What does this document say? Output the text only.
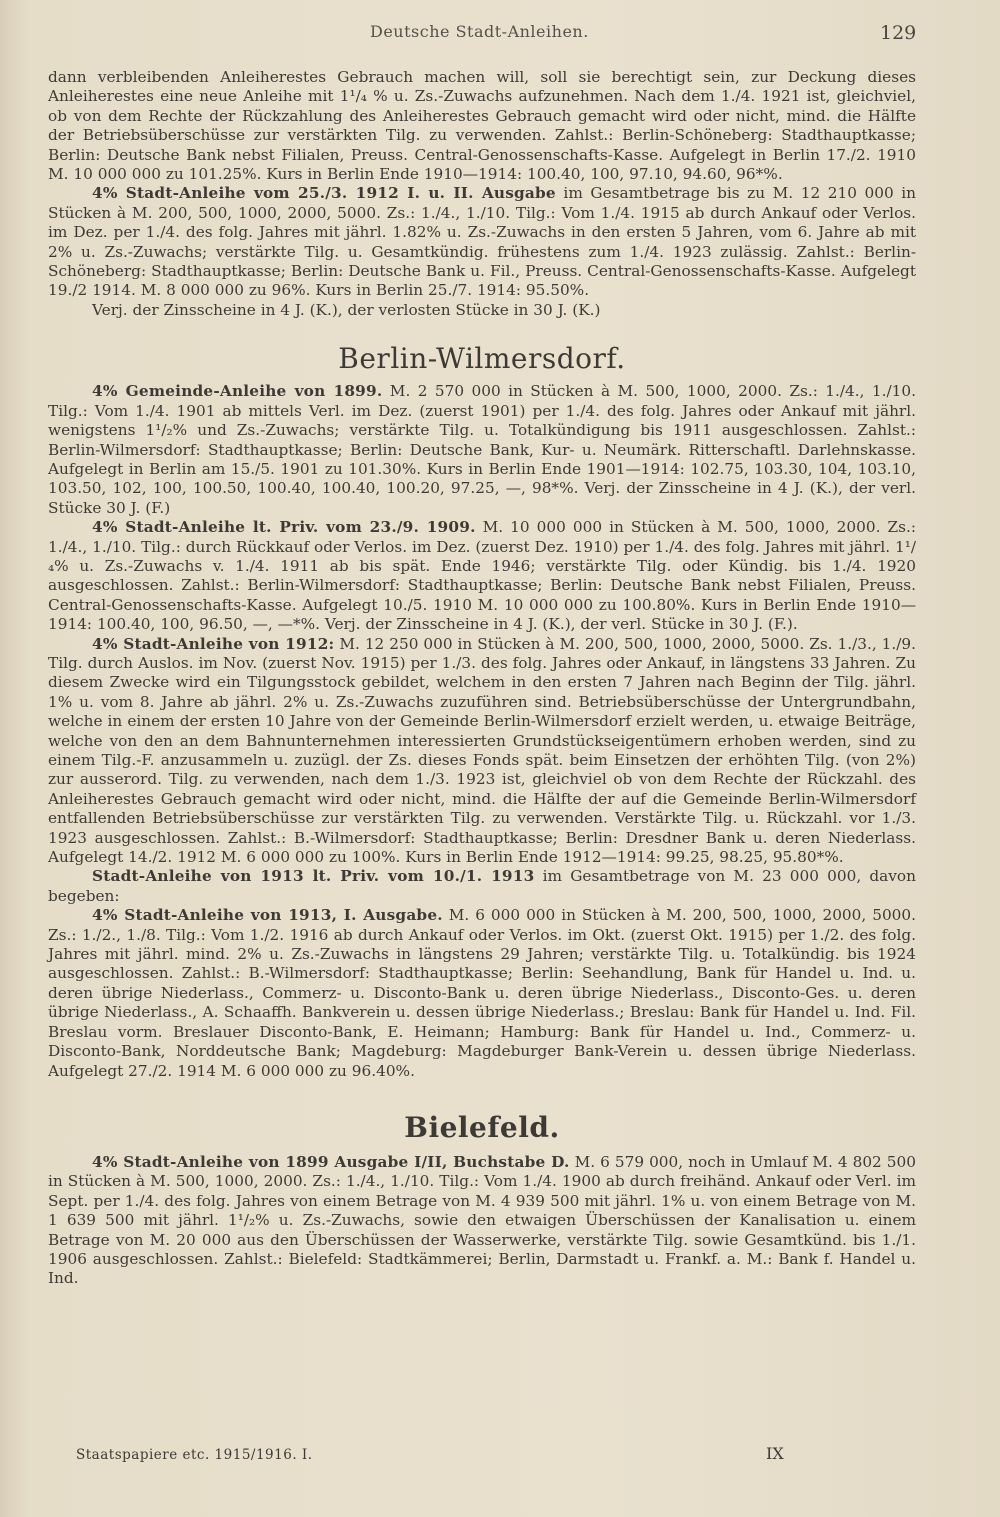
Deutsche Stadt-Anleihen.	129

dann verbleibenden Anleiherestes Gebrauch machen will, soll sie berechtigt sein, zur Deckung dieses Anleiherestes eine neue Anleihe mit 1¹/₄ % u. Zs.-Zuwachs aufzunehmen. Nach dem 1./4. 1921 ist, gleichviel, ob von dem Rechte der Rückzahlung des Anleiherestes Gebrauch gemacht wird oder nicht, mind. die Hälfte der Betriebsüberschüsse zur verstärkten Tilg. zu verwenden. Zahlst.: Berlin-Schöneberg: Stadthauptkasse; Berlin: Deutsche Bank nebst Filialen, Preuss. Central-Genossenschafts-Kasse. Aufgelegt in Berlin 17./2. 1910 M. 10 000 000 zu 101.25%. Kurs in Berlin Ende 1910—1914: 100.40, 100, 97.10, 94.60, 96*%.

4% Stadt-Anleihe vom 25./3. 1912 I. u. II. Ausgabe im Gesamtbetrage bis zu M. 12 210 000 in Stücken à M. 200, 500, 1000, 2000, 5000. Zs.: 1./4., 1./10. Tilg.: Vom 1./4. 1915 ab durch Ankauf oder Verlos. im Dez. per 1./4. des folg. Jahres mit jährl. 1.82% u. Zs.-Zuwachs in den ersten 5 Jahren, vom 6. Jahre ab mit 2% u. Zs.-Zuwachs; verstärkte Tilg. u. Gesamtkündig. frühestens zum 1./4. 1923 zulässig. Zahlst.: Berlin-Schöneberg: Stadthauptkasse; Berlin: Deutsche Bank u. Fil., Preuss. Central-Genossenschafts-Kasse. Aufgelegt 19./2 1914. M. 8 000 000 zu 96%. Kurs in Berlin 25./7. 1914: 95.50%.

Verj. der Zinsscheine in 4 J. (K.), der verlosten Stücke in 30 J. (K.)

Berlin-Wilmersdorf.

4% Gemeinde-Anleihe von 1899. M. 2 570 000 in Stücken à M. 500, 1000, 2000. Zs.: 1./4., 1./10. Tilg.: Vom 1./4. 1901 ab mittels Verl. im Dez. (zuerst 1901) per 1./4. des folg. Jahres oder Ankauf mit jährl. wenigstens 1¹/₂% und Zs.-Zuwachs; verstärkte Tilg. u. Totalkündigung bis 1911 ausgeschlossen. Zahlst.: Berlin-Wilmersdorf: Stadthauptkasse; Berlin: Deutsche Bank, Kur- u. Neumärk. Ritterschaftl. Darlehnskasse. Aufgelegt in Berlin am 15./5. 1901 zu 101.30%. Kurs in Berlin Ende 1901—1914: 102.75, 103.30, 104, 103.10, 103.50, 102, 100, 100.50, 100.40, 100.40, 100.20, 97.25, —, 98*%. Verj. der Zinsscheine in 4 J. (K.), der verl. Stücke 30 J. (F.)

4% Stadt-Anleihe lt. Priv. vom 23./9. 1909. M. 10 000 000 in Stücken à M. 500, 1000, 2000. Zs.: 1./4., 1./10. Tilg.: durch Rückkauf oder Verlos. im Dez. (zuerst Dez. 1910) per 1./4. des folg. Jahres mit jährl. 1¹/₄% u. Zs.-Zuwachs v. 1./4. 1911 ab bis spät. Ende 1946; verstärkte Tilg. oder Kündig. bis 1./4. 1920 ausgeschlossen. Zahlst.: Berlin-Wilmersdorf: Stadthauptkasse; Berlin: Deutsche Bank nebst Filialen, Preuss. Central-Genossenschafts-Kasse. Aufgelegt 10./5. 1910 M. 10 000 000 zu 100.80%. Kurs in Berlin Ende 1910—1914: 100.40, 100, 96.50, —, —*%. Verj. der Zinsscheine in 4 J. (K.), der verl. Stücke in 30 J. (F.).

4% Stadt-Anleihe von 1912: M. 12 250 000 in Stücken à M. 200, 500, 1000, 2000, 5000. Zs. 1./3., 1./9. Tilg. durch Auslos. im Nov. (zuerst Nov. 1915) per 1./3. des folg. Jahres oder Ankauf, in längstens 33 Jahren. Zu diesem Zwecke wird ein Tilgungsstock gebildet, welchem in den ersten 7 Jahren nach Beginn der Tilg. jährl. 1% u. vom 8. Jahre ab jährl. 2% u. Zs.-Zuwachs zuzuführen sind. Betriebsüberschüsse der Untergrundbahn, welche in einem der ersten 10 Jahre von der Gemeinde Berlin-Wilmersdorf erzielt werden, u. etwaige Beiträge, welche von den an dem Bahnunternehmen interessierten Grundstückseigentümern erhoben werden, sind zu einem Tilg.-F. anzusammeln u. zuzügl. der Zs. dieses Fonds spät. beim Einsetzen der erhöhten Tilg. (von 2%) zur ausserord. Tilg. zu verwenden, nach dem 1./3. 1923 ist, gleichviel ob von dem Rechte der Rückzahl. des Anleiherestes Gebrauch gemacht wird oder nicht, mind. die Hälfte der auf die Gemeinde Berlin-Wilmersdorf entfallenden Betriebsüberschüsse zur verstärkten Tilg. zu verwenden. Verstärkte Tilg. u. Rückzahl. vor 1./3. 1923 ausgeschlossen. Zahlst.: B.-Wilmersdorf: Stadthauptkasse; Berlin: Dresdner Bank u. deren Niederlass. Aufgelegt 14./2. 1912 M. 6 000 000 zu 100%. Kurs in Berlin Ende 1912—1914: 99.25, 98.25, 95.80*%.

Stadt-Anleihe von 1913 lt. Priv. vom 10./1. 1913 im Gesamtbetrage von M. 23 000 000, davon begeben:

4% Stadt-Anleihe von 1913, I. Ausgabe. M. 6 000 000 in Stücken à M. 200, 500, 1000, 2000, 5000. Zs.: 1./2., 1./8. Tilg.: Vom 1./2. 1916 ab durch Ankauf oder Verlos. im Okt. (zuerst Okt. 1915) per 1./2. des folg. Jahres mit jährl. mind. 2% u. Zs.-Zuwachs in längstens 29 Jahren; verstärkte Tilg. u. Totalkündig. bis 1924 ausgeschlossen. Zahlst.: B.-Wilmersdorf: Stadthauptkasse; Berlin: Seehandlung, Bank für Handel u. Ind. u. deren übrige Niederlass., Commerz- u. Disconto-Bank u. deren übrige Niederlass., Disconto-Ges. u. deren übrige Niederlass., A. Schaaffh. Bankverein u. dessen übrige Niederlass.; Breslau: Bank für Handel u. Ind. Fil. Breslau vorm. Breslauer Disconto-Bank, E. Heimann; Hamburg: Bank für Handel u. Ind., Commerz- u. Disconto-Bank, Norddeutsche Bank; Magdeburg: Magdeburger Bank-Verein u. dessen übrige Niederlass. Aufgelegt 27./2. 1914 M. 6 000 000 zu 96.40%.

Bielefeld.

4% Stadt-Anleihe von 1899 Ausgabe I/II, Buchstabe D. M. 6 579 000, noch in Umlauf M. 4 802 500 in Stücken à M. 500, 1000, 2000. Zs.: 1./4., 1./10. Tilg.: Vom 1./4. 1900 ab durch freihänd. Ankauf oder Verl. im Sept. per 1./4. des folg. Jahres von einem Betrage von M. 4 939 500 mit jährl. 1% u. von einem Betrage von M. 1 639 500 mit jährl. 1¹/₂% u. Zs.-Zuwachs, sowie den etwaigen Überschüssen der Kanalisation u. einem Betrage von M. 20 000 aus den Überschüssen der Wasserwerke, verstärkte Tilg. sowie Gesamtkünd. bis 1./1. 1906 ausgeschlossen. Zahlst.: Bielefeld: Stadtkämmerei; Berlin, Darmstadt u. Frankf. a. M.: Bank f. Handel u. Ind.

Staatspapiere etc. 1915/1916. I.	IX
